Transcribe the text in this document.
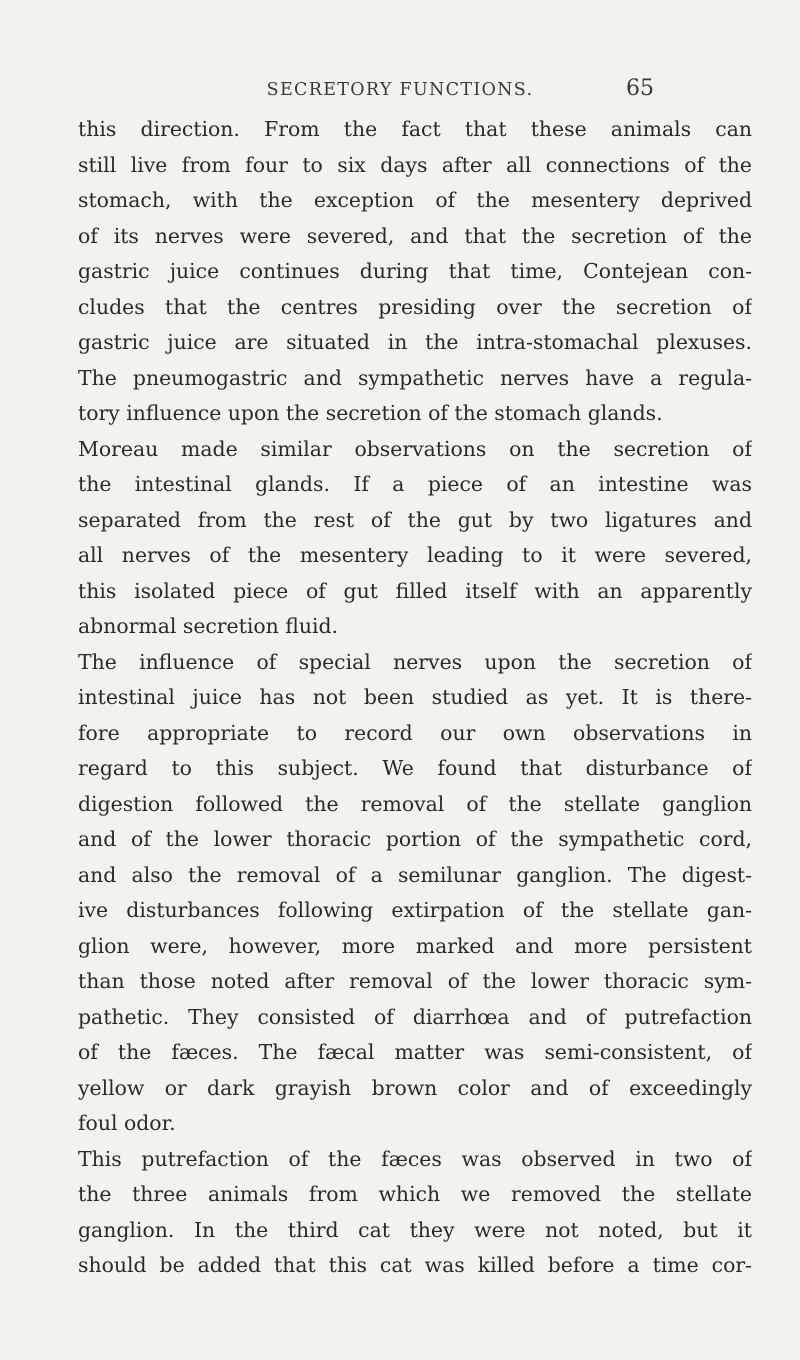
SECRETORY FUNCTIONS.	65
this direction. From the fact that these animals can
still live from four to six days after all connections of the
stomach, with the exception of the mesentery deprived
of its nerves were severed, and that the secretion of the
gastric juice continues during that time, Contejean con-
cludes that the centres presiding over the secretion of
gastric juice are situated in the intra-stomachal plexuses.
The pneumogastric and sympathetic nerves have a regula-
tory influence upon the secretion of the stomach glands.
Moreau made similar observations on the secretion of
the intestinal glands. If a piece of an intestine was
separated from the rest of the gut by two ligatures and
all nerves of the mesentery leading to it were severed,
this isolated piece of gut filled itself with an apparently
abnormal secretion fluid.
The influence of special nerves upon the secretion of
intestinal juice has not been studied as yet. It is there-
fore appropriate to record our own observations in
regard to this subject. We found that disturbance of
digestion followed the removal of the stellate ganglion
and of the lower thoracic portion of the sympathetic cord,
and also the removal of a semilunar ganglion. The digest-
ive disturbances following extirpation of the stellate gan-
glion were, however, more marked and more persistent
than those noted after removal of the lower thoracic sym-
pathetic. They consisted of diarrhœa and of putrefaction
of the fæces. The fæcal matter was semi-consistent, of
yellow or dark grayish brown color and of exceedingly
foul odor.
This putrefaction of the fæces was observed in two of
the three animals from which we removed the stellate
ganglion. In the third cat they were not noted, but it
should be added that this cat was killed before a time cor-
